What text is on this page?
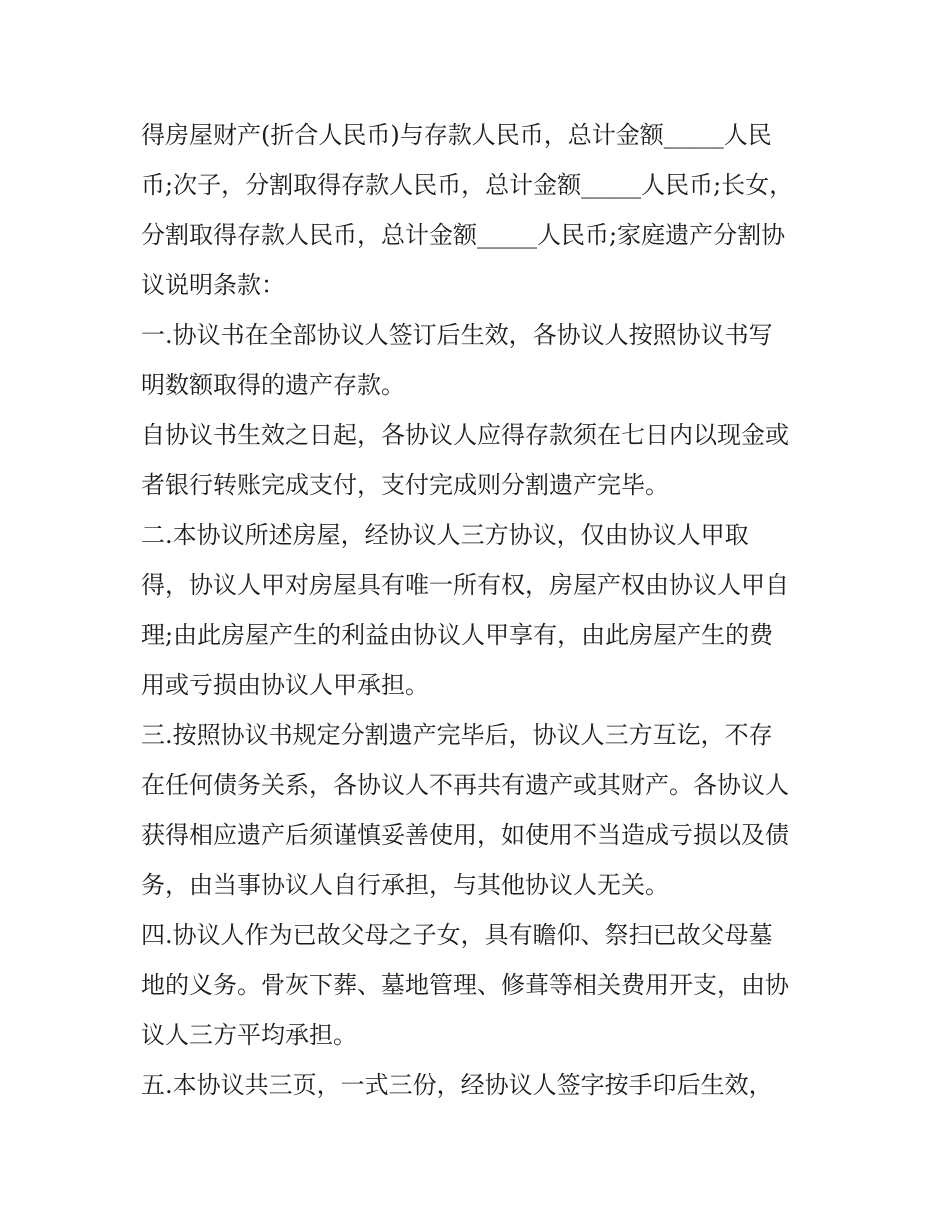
得房屋财产(折合人民币)与存款人民币，总计金额_____人民
币;次子，分割取得存款人民币，总计金额_____人民币;长女，
分割取得存款人民币，总计金额_____人民币;家庭遗产分割协
议说明条款：
一.协议书在全部协议人签订后生效，各协议人按照协议书写
明数额取得的遗产存款。
自协议书生效之日起，各协议人应得存款须在七日内以现金或
者银行转账完成支付，支付完成则分割遗产完毕。
二.本协议所述房屋，经协议人三方协议，仅由协议人甲取
得，协议人甲对房屋具有唯一所有权，房屋产权由协议人甲自
理;由此房屋产生的利益由协议人甲享有，由此房屋产生的费
用或亏损由协议人甲承担。
三.按照协议书规定分割遗产完毕后，协议人三方互讫，不存
在任何债务关系，各协议人不再共有遗产或其财产。各协议人
获得相应遗产后须谨慎妥善使用，如使用不当造成亏损以及债
务，由当事协议人自行承担，与其他协议人无关。
四.协议人作为已故父母之子女，具有瞻仰、祭扫已故父母墓
地的义务。骨灰下葬、墓地管理、修葺等相关费用开支，由协
议人三方平均承担。
五.本协议共三页，一式三份，经协议人签字按手印后生效，
